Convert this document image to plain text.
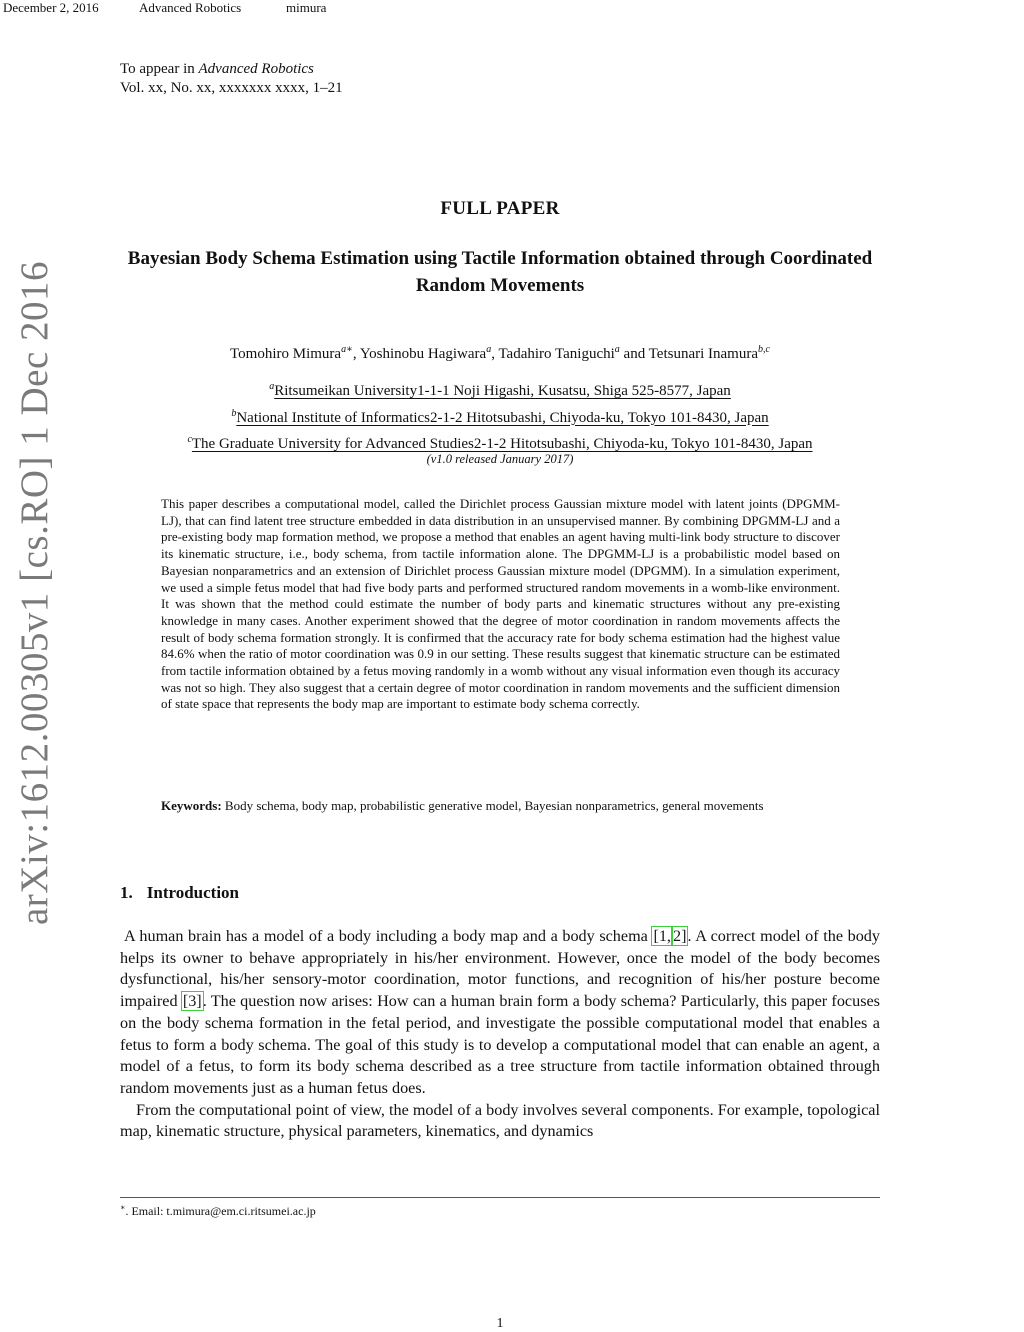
December 2, 2016	Advanced Robotics	mimura
arXiv:1612.00305v1 [cs.RO] 1 Dec 2016
To appear in Advanced Robotics
Vol. xx, No. xx, xxxxxxx xxxx, 1–21
FULL PAPER
Bayesian Body Schema Estimation using Tactile Information obtained through Coordinated Random Movements
Tomohiro Mimura$^{a∗}$, Yoshinobu Hagiwara$^a$, Tadahiro Taniguchi$^a$ and Tetsunari Inamura$^{b,c}$
$^a$Ritsumeikan University1-1-1 Noji Higashi, Kusatsu, Shiga 525-8577, Japan
$^b$National Institute of Informatics2-1-2 Hitotsubashi, Chiyoda-ku, Tokyo 101-8430, Japan
$^c$The Graduate University for Advanced Studies2-1-2 Hitotsubashi, Chiyoda-ku, Tokyo 101-8430, Japan
(v1.0 released January 2017)
This paper describes a computational model, called the Dirichlet process Gaussian mixture model with latent joints (DPGMM-LJ), that can find latent tree structure embedded in data distribution in an unsupervised manner. By combining DPGMM-LJ and a pre-existing body map formation method, we propose a method that enables an agent having multi-link body structure to discover its kinematic structure, i.e., body schema, from tactile information alone. The DPGMM-LJ is a probabilistic model based on Bayesian nonparametrics and an extension of Dirichlet process Gaussian mixture model (DPGMM). In a simulation experiment, we used a simple fetus model that had five body parts and performed structured random movements in a womb-like environment. It was shown that the method could estimate the number of body parts and kinematic structures without any pre-existing knowledge in many cases. Another experiment showed that the degree of motor coordination in random movements affects the result of body schema formation strongly. It is confirmed that the accuracy rate for body schema estimation had the highest value 84.6% when the ratio of motor coordination was 0.9 in our setting. These results suggest that kinematic structure can be estimated from tactile information obtained by a fetus moving randomly in a womb without any visual information even though its accuracy was not so high. They also suggest that a certain degree of motor coordination in random movements and the sufficient dimension of state space that represents the body map are important to estimate body schema correctly.
Keywords: Body schema, body map, probabilistic generative model, Bayesian nonparametrics, general movements
1. Introduction

A human brain has a model of a body including a body map and a body schema [1, 2]. A correct model of the body helps its owner to behave appropriately in his/her environment. However, once the model of the body becomes dysfunctional, his/her sensory-motor coordination, motor functions, and recognition of his/her posture become impaired [3]. The question now arises: How can a human brain form a body schema? Particularly, this paper focuses on the body schema formation in the fetal period, and investigate the possible computational model that enables a fetus to form a body schema. The goal of this study is to develop a computational model that can enable an agent, a model of a fetus, to form its body schema described as a tree structure from tactile information obtained through random movements just as a human fetus does.

From the computational point of view, the model of a body involves several components. For example, topological map, kinematic structure, physical parameters, kinematics, and dynamics

∗. Email: t.mimura@em.ci.ritsumei.ac.jp
1
